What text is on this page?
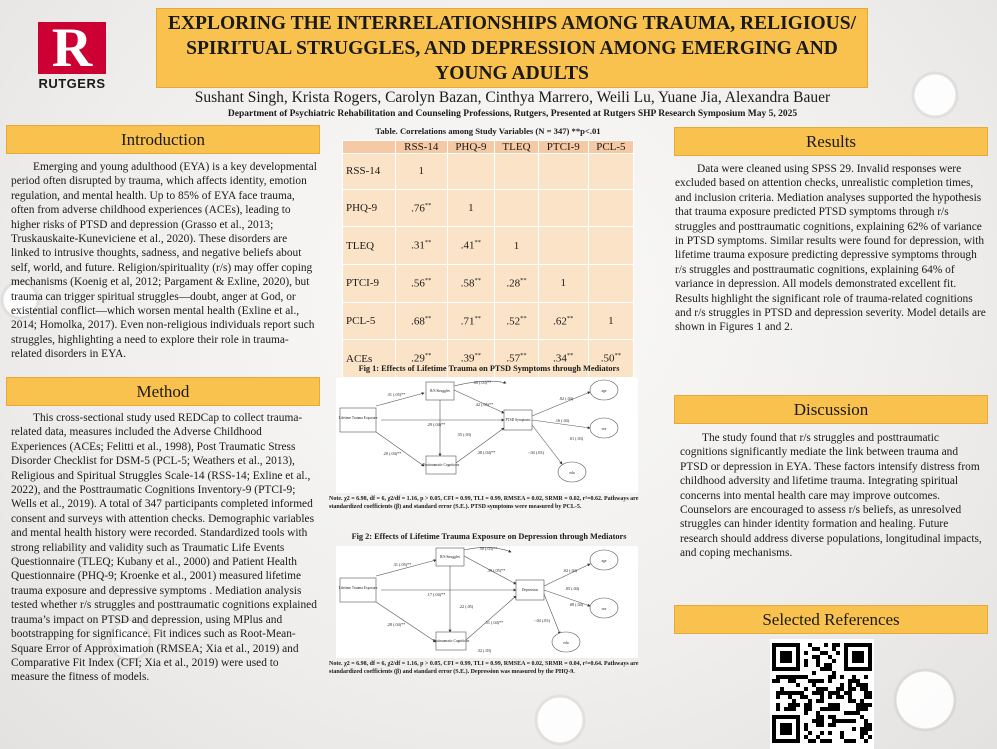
R
RUTGERS
EXPLORING THE INTERRELATIONSHIPS AMONG TRAUMA, RELIGIOUS/ SPIRITUAL STRUGGLES, AND DEPRESSION AMONG EMERGING AND YOUNG ADULTS
Sushant Singh, Krista Rogers, Carolyn Bazan, Cinthya Marrero, Weili Lu, Yuane Jia, Alexandra Bauer
Department of Psychiatric Rehabilitation and Counseling Professions, Rutgers, Presented at Rutgers SHP Research Symposium May 5, 2025
Introduction
Emerging and young adulthood (EYA) is a key developmental period often disrupted by trauma, which affects identity, emotion regulation, and mental health. Up to 85% of EYA face trauma, often from adverse childhood experiences (ACEs), leading to higher risks of PTSD and depression (Grasso et al., 2013; Truskauskaite-Kunevicienе et al., 2020). These disorders are linked to intrusive thoughts, sadness, and negative beliefs about self, world, and future. Religion/spirituality (r/s) may offer coping mechanisms (Koenig et al, 2012; Pargament & Exline, 2020), but trauma can trigger spiritual struggles—doubt, anger at God, or existential conflict—which worsen mental health (Exline et al., 2014; Homolka, 2017). Even non-religious individuals report such struggles, highlighting a need to explore their role in trauma-related disorders in EYA.
Method
This cross-sectional study used REDCap to collect trauma-related data, measures included the Adverse Childhood Experiences (ACEs; Felitti et al., 1998), Post Traumatic Stress Disorder Checklist for DSM-5 (PCL-5; Weathers et al., 2013), Religious and Spiritual Struggles Scale-14 (RSS-14; Exline et al., 2022), and the Posttraumatic Cognitions Inventory-9 (PTCI-9; Wells et al., 2019). A total of 347 participants completed informed consent and surveys with attention checks. Demographic variables and mental health history were recorded. Standardized tools with strong reliability and validity such as Traumatic Life Events Questionnaire (TLEQ; Kubany et al., 2000) and Patient Health Questionnaire (PHQ-9; Kroenke et al., 2001) measured lifetime trauma exposure and depressive symptoms . Mediation analysis tested whether r/s struggles and posttraumatic cognitions explained trauma’s impact on PTSD and depression, using MPlus and bootstrapping for significance. Fit indices such as Root-Mean-Square Error of Approximation (RMSEA; Xia et al., 2019) and Comparative Fit Index (CFI; Xia et al., 2019) were used to measure the fitness of models.
Table. Correlations among Study Variables (N = 347) **p<.01
	RSS-14	PHQ-9	TLEQ	PTCI-9	PCL-5
RSS-14	1				
PHQ-9	.76**	1			
TLEQ	.31**	.41**	1		
PTCI-9	.56**	.58**	.28**	1	
PCL-5	.68**	.71**	.52**	.62**	1
ACEs	.29**	.39**	.57**	.34**	.50**
Fig 1: Effects of Lifetime Trauma on PTSD Symptoms through Mediators
Lifetime Trauma Exposure
R/S Struggles
Posttraumatic Cognitions
PTSD Symptoms
age
sex
edu
.31 (.05)**
.90 (.03)**
.42 (.05)**
.29 (.04)**
.20 (.04)**
.55 (.03)
.38 (.04)**
.02 (.04)
.16 (.04)
.01 (.03)
-.04 (.03)
Note. χ2 = 6.98, df = 6, χ2/df = 1.16, p > 0.05, CFI = 0.99, TLI = 0.99, RMSEA = 0.02, SRMR = 0.02, r²=0.62. Pathways are standardized coefficients (β) and standard error (S.E.). PTSD symptoms were measured by PCL-5.
Fig 2: Effects of Lifetime Trauma Exposure on Depression through Mediators
Lifetime Trauma Exposure
R/S Struggles
Posttraumatic Cognitions
Depression
age
sex
edu
.31 (.05)**
.50 (.03)**
.39 (.05)**
.17 (.04)**
.28 (.04)**
.22 (.05)
.51 (.04)**
.32 (.03)
.02 (.04)
.05 (.04)
.08 (.04)
-.04 (.03)
Note. χ2 = 6.98, df = 6, χ2/df = 1.16, p > 0.05, CFI = 0.99, TLI = 0.99, RMSEA = 0.02, SRMR = 0.04, r²=0.64. Pathways are standardized coefficients (β) and standard error (S.E.). Depression was measured by the PHQ-9.
Results
Data were cleaned using SPSS 29. Invalid responses were excluded based on attention checks, unrealistic completion times, and inclusion criteria. Mediation analyses supported the hypothesis that trauma exposure predicted PTSD symptoms through r/s struggles and posttraumatic cognitions, explaining 62% of variance in PTSD symptoms. Similar results were found for depression, with lifetime trauma exposure predicting depressive symptoms through r/s struggles and posttraumatic cognitions, explaining 64% of variance in depression. All models demonstrated excellent fit. Results highlight the significant role of trauma-related cognitions and r/s struggles in PTSD and depression severity. Model details are shown in Figures 1 and 2.
Discussion
The study found that r/s struggles and posttraumatic cognitions significantly mediate the link between trauma and PTSD or depression in EYA. These factors intensify distress from childhood adversity and lifetime trauma. Integrating spiritual concerns into mental health care may improve outcomes. Counselors are encouraged to assess r/s beliefs, as unresolved struggles can hinder identity formation and healing. Future research should address diverse populations, longitudinal impacts, and coping mechanisms.
Selected References
